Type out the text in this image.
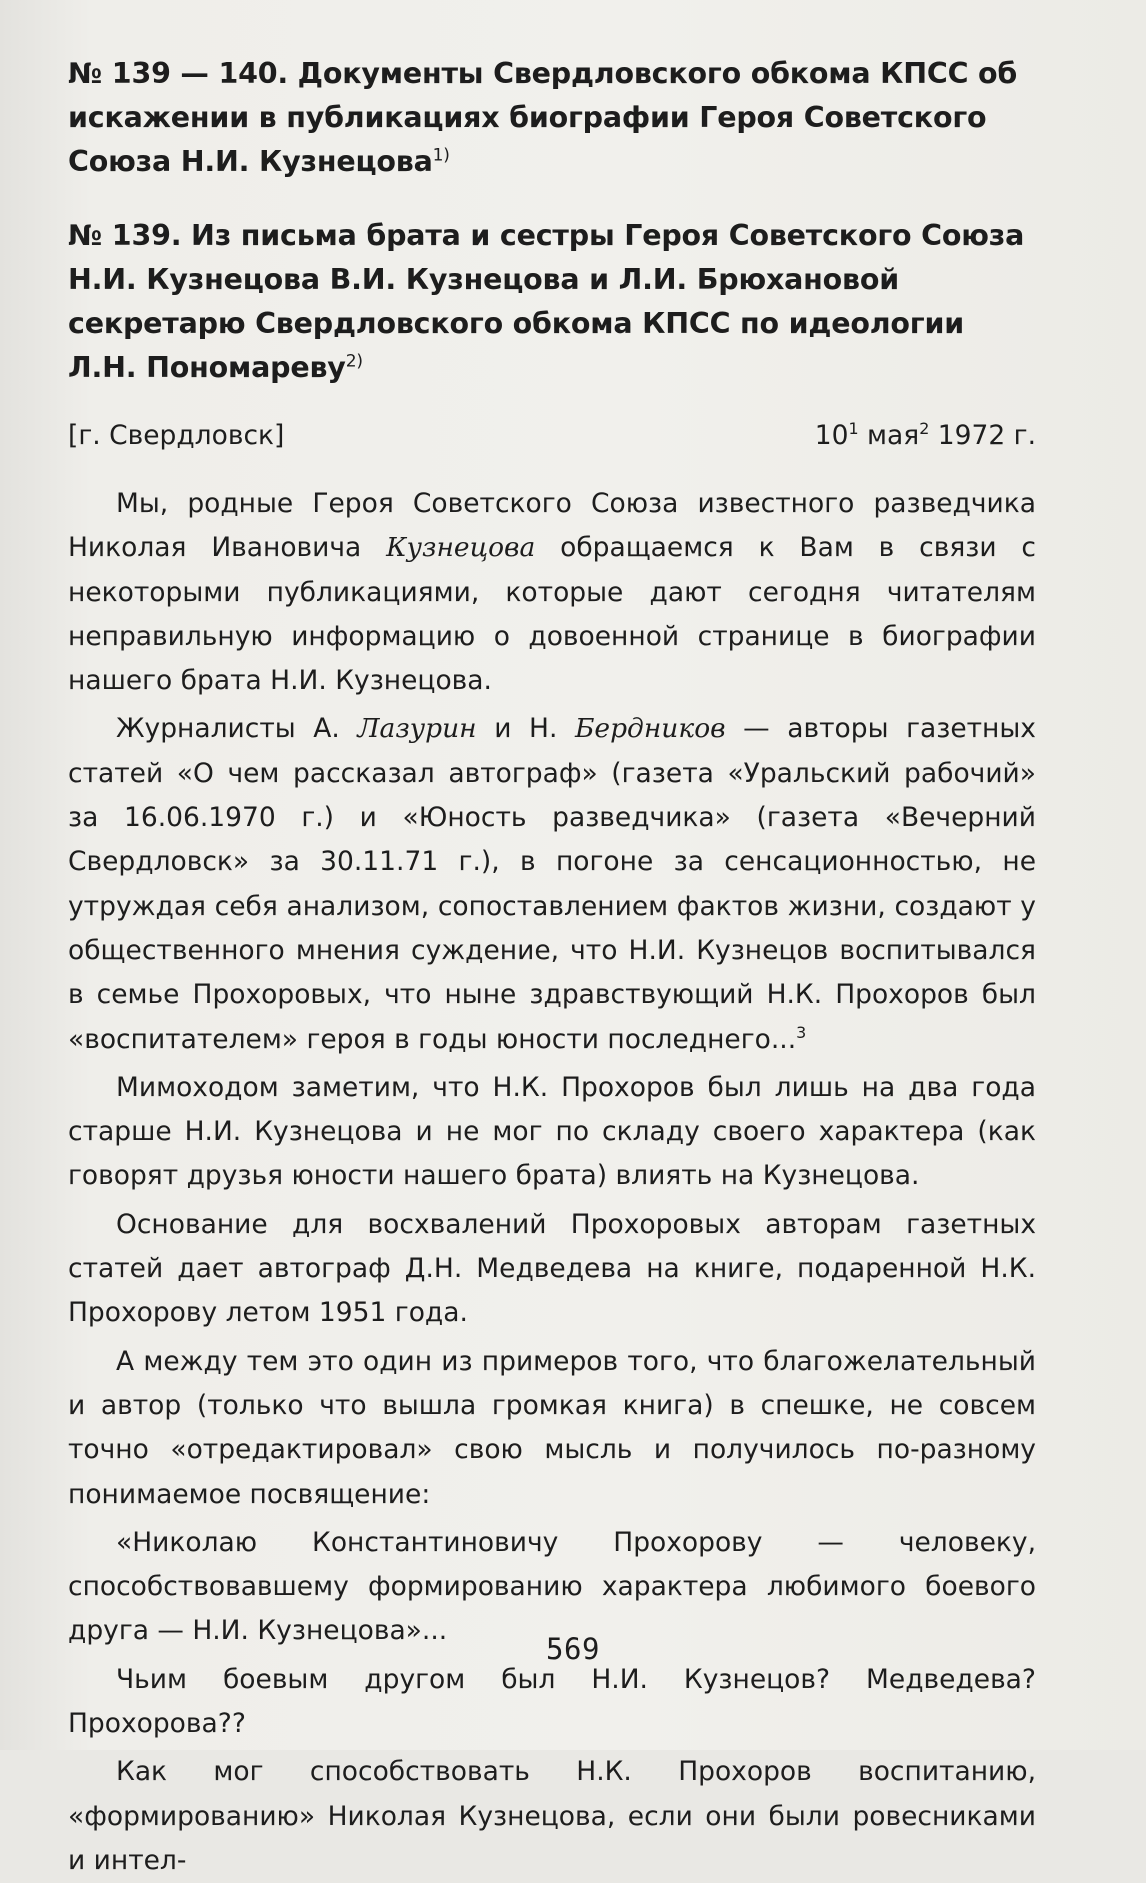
№ 139 — 140. Документы Свердловского обкома КПСС об искажении в публикациях биографии Героя Советского Союза Н.И. Кузнецова$^{1)}$
№ 139. Из письма брата и сестры Героя Советского Союза Н.И. Кузнецова В.И. Кузнецова и Л.И. Брюхановой секретарю Свердловского обкома КПСС по идеологии Л.Н. Пономареву$^{2)}$
[г. Свердловск]	$10^1$ мая$^2$ 1972 г.

Мы, родные Героя Советского Союза известного разведчика Николая Ивановича Кузнецова обращаемся к Вам в связи с некоторыми публикациями, которые дают сегодня читателям неправильную информацию о довоенной странице в биографии нашего брата Н.И. Кузнецова.

Журналисты А. Лазурин и Н. Бердников — авторы газетных статей «О чем рассказал автограф» (газета «Уральский рабочий» за 16.06.1970 г.) и «Юность разведчика» (газета «Вечерний Свердловск» за 30.11.71 г.), в погоне за сенсационностью, не утруждая себя анализом, сопоставлением фактов жизни, создают у общественного мнения суждение, что Н.И. Кузнецов воспитывался в семье Прохоровых, что ныне здравствующий Н.К. Прохоров был «воспитателем» героя в годы юности последнего...$^3$

Мимоходом заметим, что Н.К. Прохоров был лишь на два года старше Н.И. Кузнецова и не мог по складу своего характера (как говорят друзья юности нашего брата) влиять на Кузнецова.

Основание для восхвалений Прохоровых авторам газетных статей дает автограф Д.Н. Медведева на книге, подаренной Н.К. Прохорову летом 1951 года.

А между тем это один из примеров того, что благожелательный и автор (только что вышла громкая книга) в спешке, не совсем точно «отредактировал» свою мысль и получилось по-разному понимаемое посвящение:

«Николаю Константиновичу Прохорову — человеку, способствовавшему формированию характера любимого боевого друга — Н.И. Кузнецова»...

Чьим боевым другом был Н.И. Кузнецов? Медведева? Прохорова??

Как мог способствовать Н.К. Прохоров воспитанию, «формированию» Николая Кузнецова, если они были ровесниками и интел-

569
